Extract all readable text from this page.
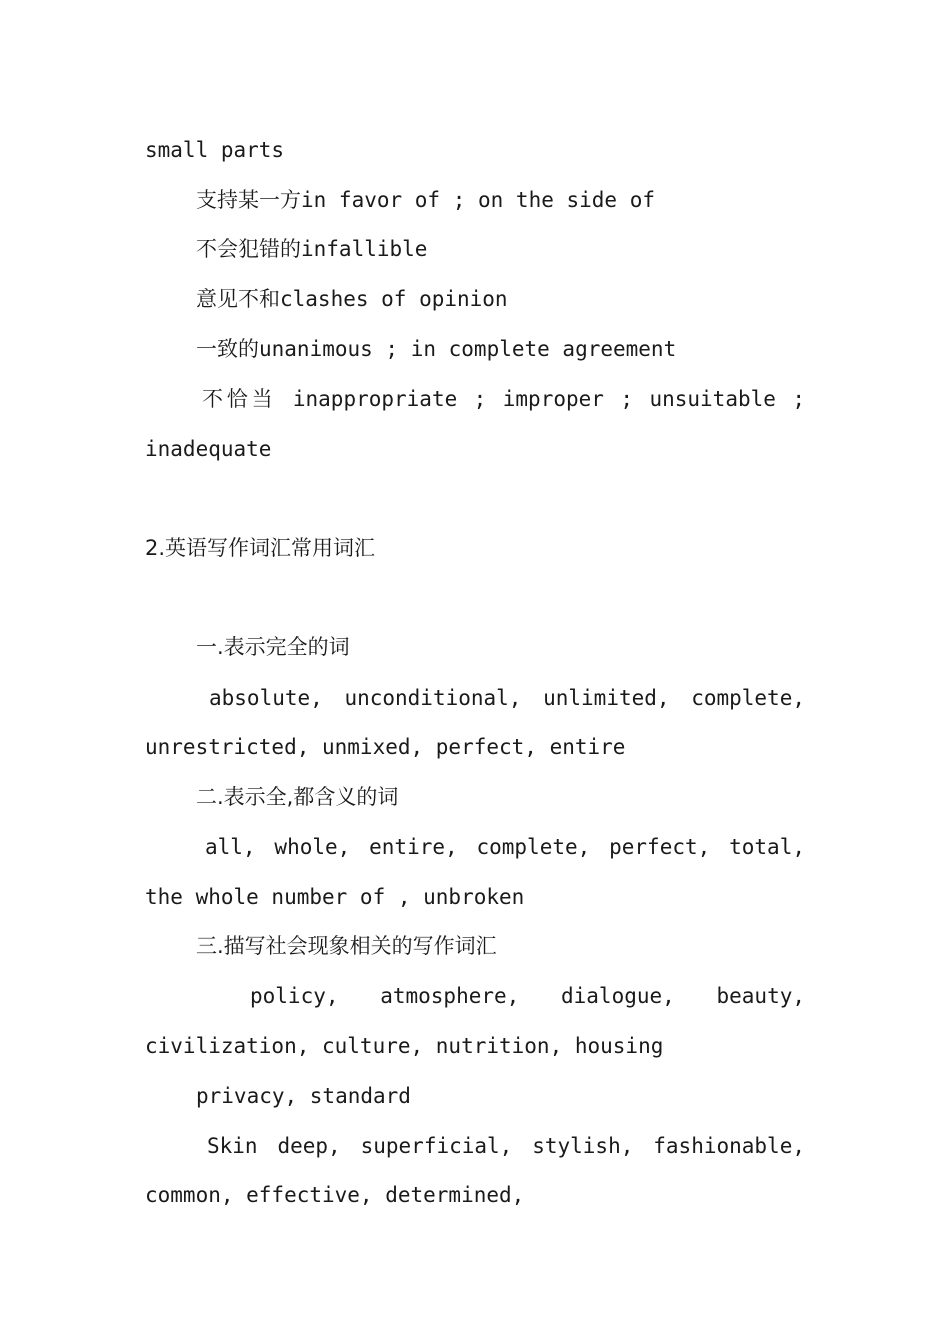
small parts
支持某一方in favor of ; on the side of
不会犯错的infallible
意见不和clashes of opinion
一致的unanimous ; in complete agreement
不恰当 inappropriate ; improper ; unsuitable ;
inadequate
2.英语写作词汇常用词汇
一.表示完全的词
absolute, unconditional, unlimited, complete,
unrestricted, unmixed, perfect, entire
二.表示全,都含义的词
all, whole, entire, complete, perfect, total,
the whole number of , unbroken
三.描写社会现象相关的写作词汇
policy, atmosphere, dialogue, beauty,
civilization, culture, nutrition, housing
privacy, standard
Skin deep, superficial, stylish, fashionable,
common, effective, determined,
